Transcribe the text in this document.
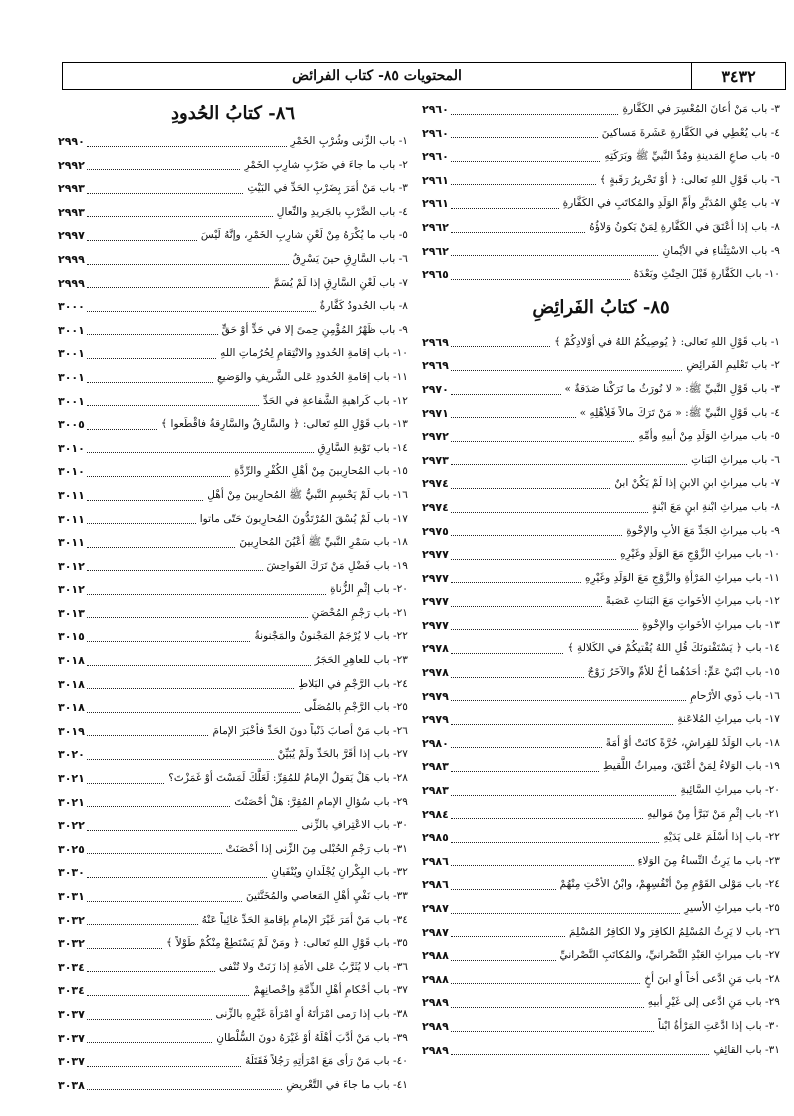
٣٤٣٢
المحتويات ٨٥- كتاب الفرائض
٣- باب مَنْ أعانَ المُعْسِرَ في الكَفَّارةِ
٢٩٦٠
٤- باب يُعْطِي في الكَفَّارةِ عَشَرةَ مَساكينَ
٢٩٦٠
٥- باب صاعِ المَدينةِ ومُدِّ النَّبيِّ ﷺ وبَرَكَتِهِ
٢٩٦٠
٦- باب قَوْلِ اللهِ تَعالى: ﴿ أوْ تَحْريرُ رَقَبةٍ ﴾
٢٩٦١
٧- باب عِتْقِ المُدَبَّرِ وأمِّ الوَلَدِ والمُكاتَبِ في الكَفَّارةِ
٢٩٦١
٨- باب إذا أعْتَقَ في الكَفَّارةِ لِمَنْ يَكونُ وَلاؤُهُ
٢٩٦٢
٩- باب الاسْتِثْناءِ في الأيْمانِ
٢٩٦٢
١٠- باب الكَفَّارةِ قَبْلَ الحِنْثِ وبَعْدَهُ
٢٩٦٥
٨٥- كتابُ الفَرائِضِ
١- باب قَوْلِ اللهِ تَعالى: ﴿ يُوصِيكُمُ اللهُ في أوْلادِكُمْ ﴾
٢٩٦٩
٢- باب تَعْليمِ الفَرائِضِ
٢٩٦٩
٣- باب قَوْلِ النَّبيِّ ﷺ: « لا نُورَثُ ما تَرَكْنا صَدَقةٌ »
٢٩٧٠
٤- باب قَوْلِ النَّبيِّ ﷺ: « مَنْ تَرَكَ مالاً فَلِأهْلِهِ »
٢٩٧١
٥- باب ميراثِ الوَلَدِ مِنْ أبيهِ وأمِّهِ
٢٩٧٢
٦- باب ميراثِ البَناتِ
٢٩٧٣
٧- باب ميراثِ ابنِ الابنِ إذا لَمْ يَكُنْ ابنٌ
٢٩٧٤
٨- باب ميراثِ ابْنةِ ابنٍ مَعَ ابْنةٍ
٢٩٧٤
٩- باب ميراثِ الجَدِّ مَعَ الأبِ والإخْوةِ
٢٩٧٥
١٠- باب ميراثِ الزَّوْجِ مَعَ الوَلَدِ وغَيْرِهِ
٢٩٧٧
١١- باب ميراثِ المَرْأةِ والزَّوْجِ مَعَ الوَلَدِ وغَيْرِهِ
٢٩٧٧
١٢- باب ميراثِ الأخَواتِ مَعَ البَناتِ عَصَبةً
٢٩٧٧
١٣- باب ميراثِ الأخَواتِ والإخْوةِ
٢٩٧٧
١٤- باب ﴿ يَسْتَفْتونَكَ قُلِ اللهُ يُفْتيكُمْ في الكَلالةِ ﴾
٢٩٧٨
١٥- باب ابْنَيْ عَمٍّ: أحَدُهُما أخٌ للأمِّ والآخَرُ زَوْجٌ
٢٩٧٨
١٦- باب ذَوي الأرْحامِ
٢٩٧٩
١٧- باب ميراثِ المُلاعَنةِ
٢٩٧٩
١٨- باب الوَلَدُ للفِراشِ، حُرَّةً كانَتْ أوْ أمَةً
٢٩٨٠
١٩- باب الوَلاءُ لِمَنْ أعْتَقَ، وميراثُ اللَّقيطِ
٢٩٨٣
٢٠- باب ميراثِ السَّائِبةِ
٢٩٨٣
٢١- باب إثْمِ مَنْ تَبَرَّأ مِنْ مَواليهِ
٢٩٨٤
٢٢- باب إذا أسْلَمَ عَلى يَدَيْهِ
٢٩٨٥
٢٣- باب ما يَرِثُ النِّساءُ مِنَ الوَلاءِ
٢٩٨٦
٢٤- باب مَوْلى القَوْمِ مِنْ أنْفُسِهِمْ، وابْنُ الأخْتِ مِنْهُمْ
٢٩٨٦
٢٥- باب ميراثِ الأسيرِ
٢٩٨٧
٢٦- باب لا يَرِثُ المُسْلِمُ الكافِرَ ولا الكافِرُ المُسْلِمَ
٢٩٨٧
٢٧- باب ميراثِ العَبْدِ النَّصْرانيِّ، والمُكاتَبِ النَّصْرانيِّ
٢٩٨٨
٢٨- باب مَنِ ادَّعى أخاً أوِ ابنَ أخٍ
٢٩٨٨
٢٩- باب مَنِ ادَّعى إلى غَيْرِ أبيهِ
٢٩٨٩
٣٠- باب إذا ادَّعَتِ المَرْأةُ ابْناً
٢٩٨٩
٣١- باب القائِفِ
٢٩٨٩
٨٦- كتابُ الحُدودِ
١- باب الزِّنى وشُرْبِ الخَمْرِ
٢٩٩٠
٢- باب ما جاءَ في ضَرْبِ شارِبِ الخَمْرِ
٢٩٩٢
٣- باب مَنْ أمَرَ بِضَرْبِ الحَدِّ في البَيْتِ
٢٩٩٣
٤- باب الضَّرْبِ بالجَريدِ والنِّعالِ
٢٩٩٣
٥- باب ما يُكْرَهُ مِنْ لَعْنِ شارِبِ الخَمْرِ، وإنَّهُ لَيْسَ
٢٩٩٧
٦- باب السَّارِقِ حينَ يَسْرِقُ
٢٩٩٩
٧- باب لَعْنِ السَّارِقِ إذا لَمْ يُسَمَّ
٢٩٩٩
٨- باب الحُدودُ كَفَّارةٌ
٣٠٠٠
٩- باب ظَهْرُ المُؤْمِنِ حِمىً إلا في حَدٍّ أوْ حَقٍّ
٣٠٠١
١٠- باب إقامةِ الحُدودِ والانْتِقامِ لِحُرُماتِ اللهِ
٣٠٠١
١١- باب إقامةِ الحُدودِ عَلى الشَّريفِ والوَضيعِ
٣٠٠١
١٢- باب كَراهيةِ الشَّفاعةِ في الحَدِّ
٣٠٠١
١٣- باب قَوْلِ اللهِ تَعالى: ﴿ والسَّارِقُ والسَّارِقةُ فاقْطَعوا ﴾
٣٠٠٥
١٤- باب تَوْبةِ السَّارِقِ
٣٠١٠
١٥- باب المُحارِبينَ مِنْ أهْلِ الكُفْرِ والرِّدَّةِ
٣٠١٠
١٦- باب لَمْ يَحْسِمِ النَّبيُّ ﷺ المُحارِبينَ مِنْ أهْلِ
٣٠١١
١٧- باب لَمْ يُسْقَ المُرْتَدُّونَ المُحارِبونَ حَتّى ماتوا
٣٠١١
١٨- باب سَمْرِ النَّبيِّ ﷺ أعْيُنَ المُحارِبينَ
٣٠١١
١٩- باب فَضْلِ مَنْ تَرَكَ الفَواحِشَ
٣٠١٢
٢٠- باب إثْمِ الزُّناةِ
٣٠١٢
٢١- باب رَجْمِ المُحْصَنِ
٣٠١٣
٢٢- باب لا يُرْجَمُ المَجْنونُ والمَجْنونةُ
٣٠١٥
٢٣- باب للعاهِرِ الحَجَرُ
٣٠١٨
٢٤- باب الرَّجْمِ في البَلاطِ
٣٠١٨
٢٥- باب الرَّجْمِ بالمُصَلّى
٣٠١٨
٢٦- باب مَنْ أصابَ ذَنْباً دونَ الحَدِّ فأخْبَرَ الإمامَ
٣٠١٩
٢٧- باب إذا أقَرَّ بالحَدِّ ولَمْ يُبَيِّنْ
٣٠٢٠
٢٨- باب هَلْ يَقولُ الإمامُ للمُقِرِّ: لَعَلَّكَ لَمَسْتَ أوْ غَمَزْتَ؟
٣٠٢١
٢٩- باب سُؤالِ الإمامِ المُقِرَّ: هَلْ أحْصَنْتَ
٣٠٢١
٣٠- باب الاعْتِرافِ بالزِّنى
٣٠٢٢
٣١- باب رَجْمِ الحُبْلى مِنَ الزِّنى إذا أحْصَنَتْ
٣٠٢٥
٣٢- باب البِكْرانِ يُجْلَدانِ ويُنْفَيانِ
٣٠٣٠
٣٣- باب نَفْيِ أهْلِ المَعاصي والمُخَنَّثينَ
٣٠٣١
٣٤- باب مَنْ أمَرَ غَيْرَ الإمامِ بإقامةِ الحَدِّ غائِباً عَنْهُ
٣٠٣٢
٣٥- باب قَوْلِ اللهِ تَعالى: ﴿ ومَنْ لَمْ يَسْتَطِعْ مِنْكُمْ طَوْلاً ﴾
٣٠٣٢
٣٦- باب لا يُثَرَّبُ عَلى الأمَةِ إذا زَنَتْ ولا تُنْفى
٣٠٣٤
٣٧- باب أحْكامِ أهْلِ الذِّمَّةِ وإحْصانِهِمْ
٣٠٣٤
٣٨- باب إذا رَمى امْرَأتَهُ أوِ امْرَأةَ غَيْرِهِ بالزِّنى
٣٠٣٧
٣٩- باب مَنْ أدَّبَ أهْلَهُ أوْ غَيْرَهُ دونَ السُّلْطانِ
٣٠٣٧
٤٠- باب مَنْ رَأى مَعَ امْرَأتِهِ رَجُلاً فَقَتَلَهُ
٣٠٣٧
٤١- باب ما جاءَ في التَّعْريضِ
٣٠٣٨
